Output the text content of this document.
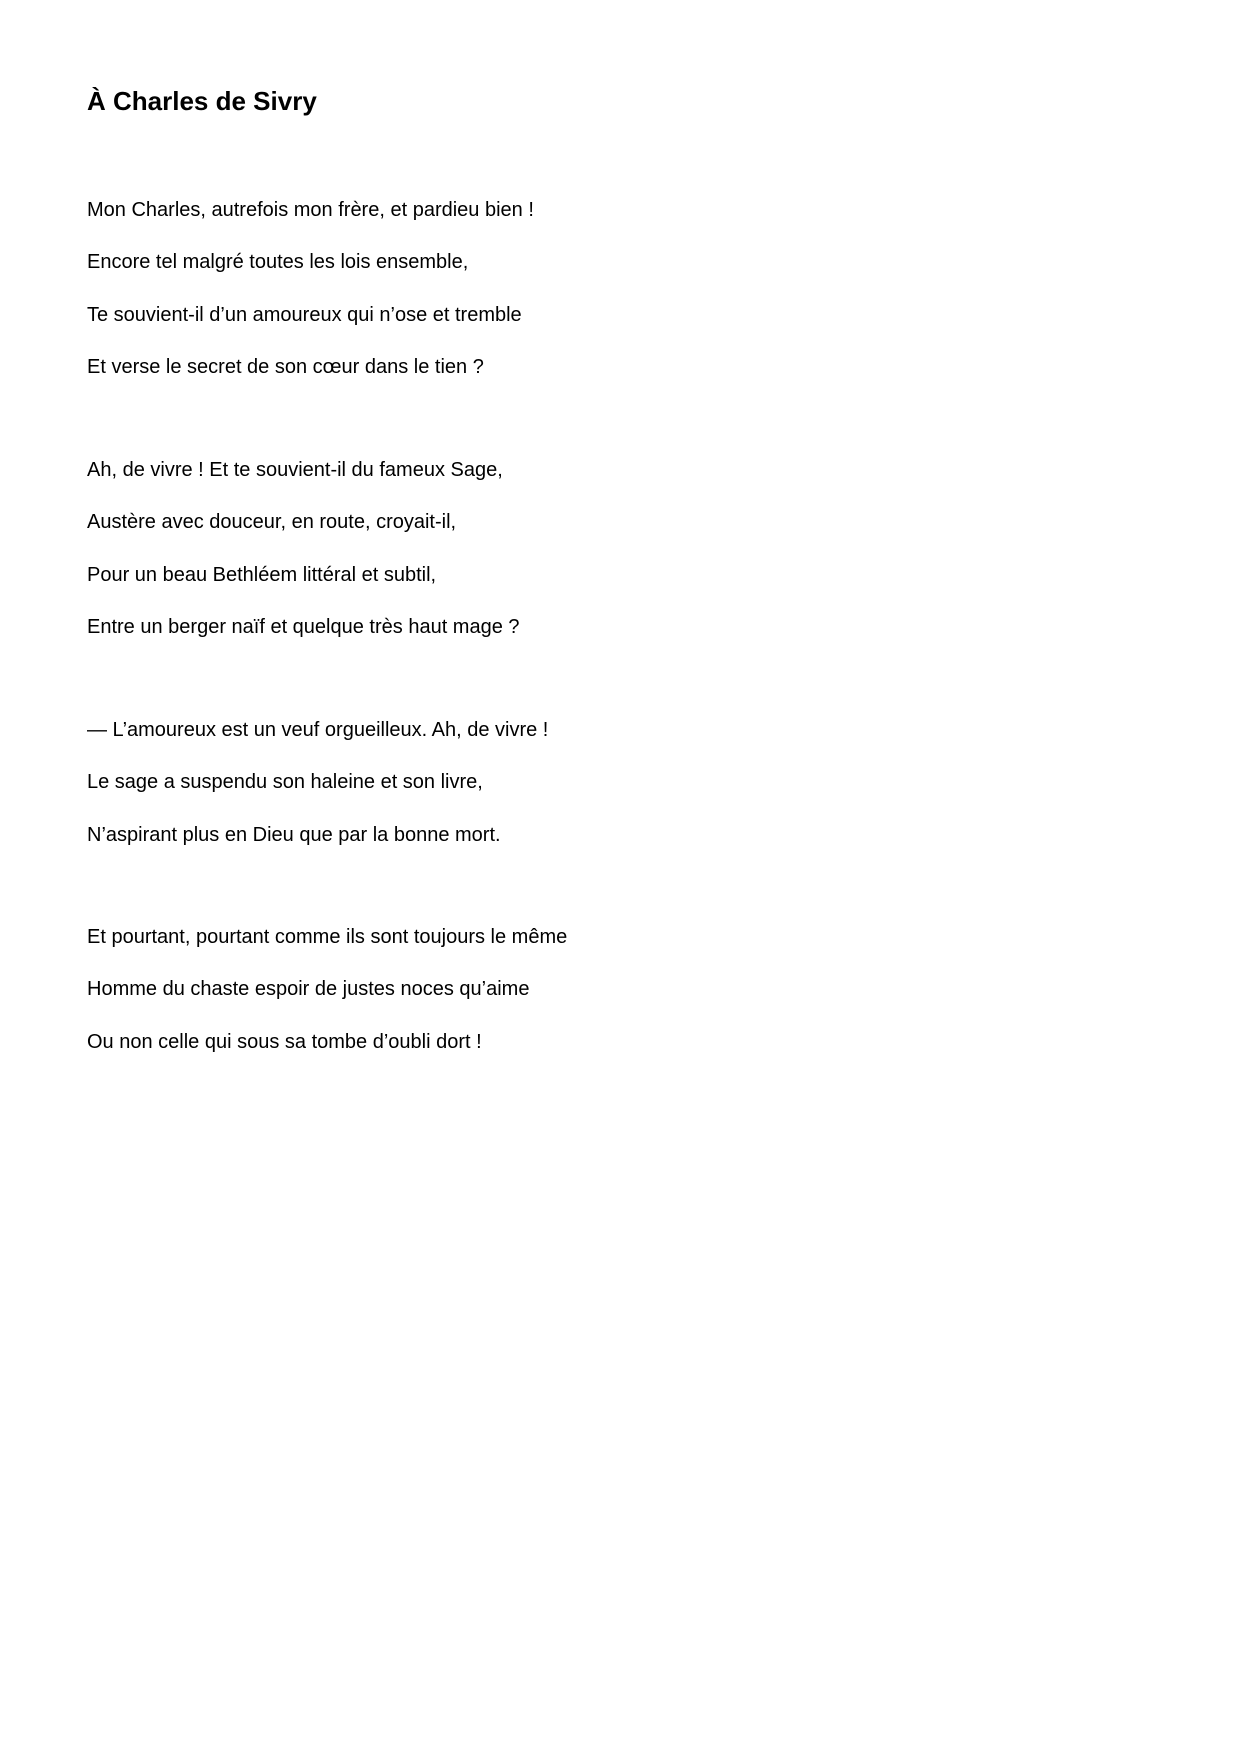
À Charles de Sivry

Mon Charles, autrefois mon frère, et pardieu bien !

Encore tel malgré toutes les lois ensemble,

Te souvient-il d’un amoureux qui n’ose et tremble

Et verse le secret de son cœur dans le tien ?

Ah, de vivre ! Et te souvient-il du fameux Sage,

Austère avec douceur, en route, croyait-il,

Pour un beau Bethléem littéral et subtil,

Entre un berger naïf et quelque très haut mage ?

— L’amoureux est un veuf orgueilleux. Ah, de vivre !

Le sage a suspendu son haleine et son livre,

N’aspirant plus en Dieu que par la bonne mort.

Et pourtant, pourtant comme ils sont toujours le même

Homme du chaste espoir de justes noces qu’aime

Ou non celle qui sous sa tombe d’oubli dort !
